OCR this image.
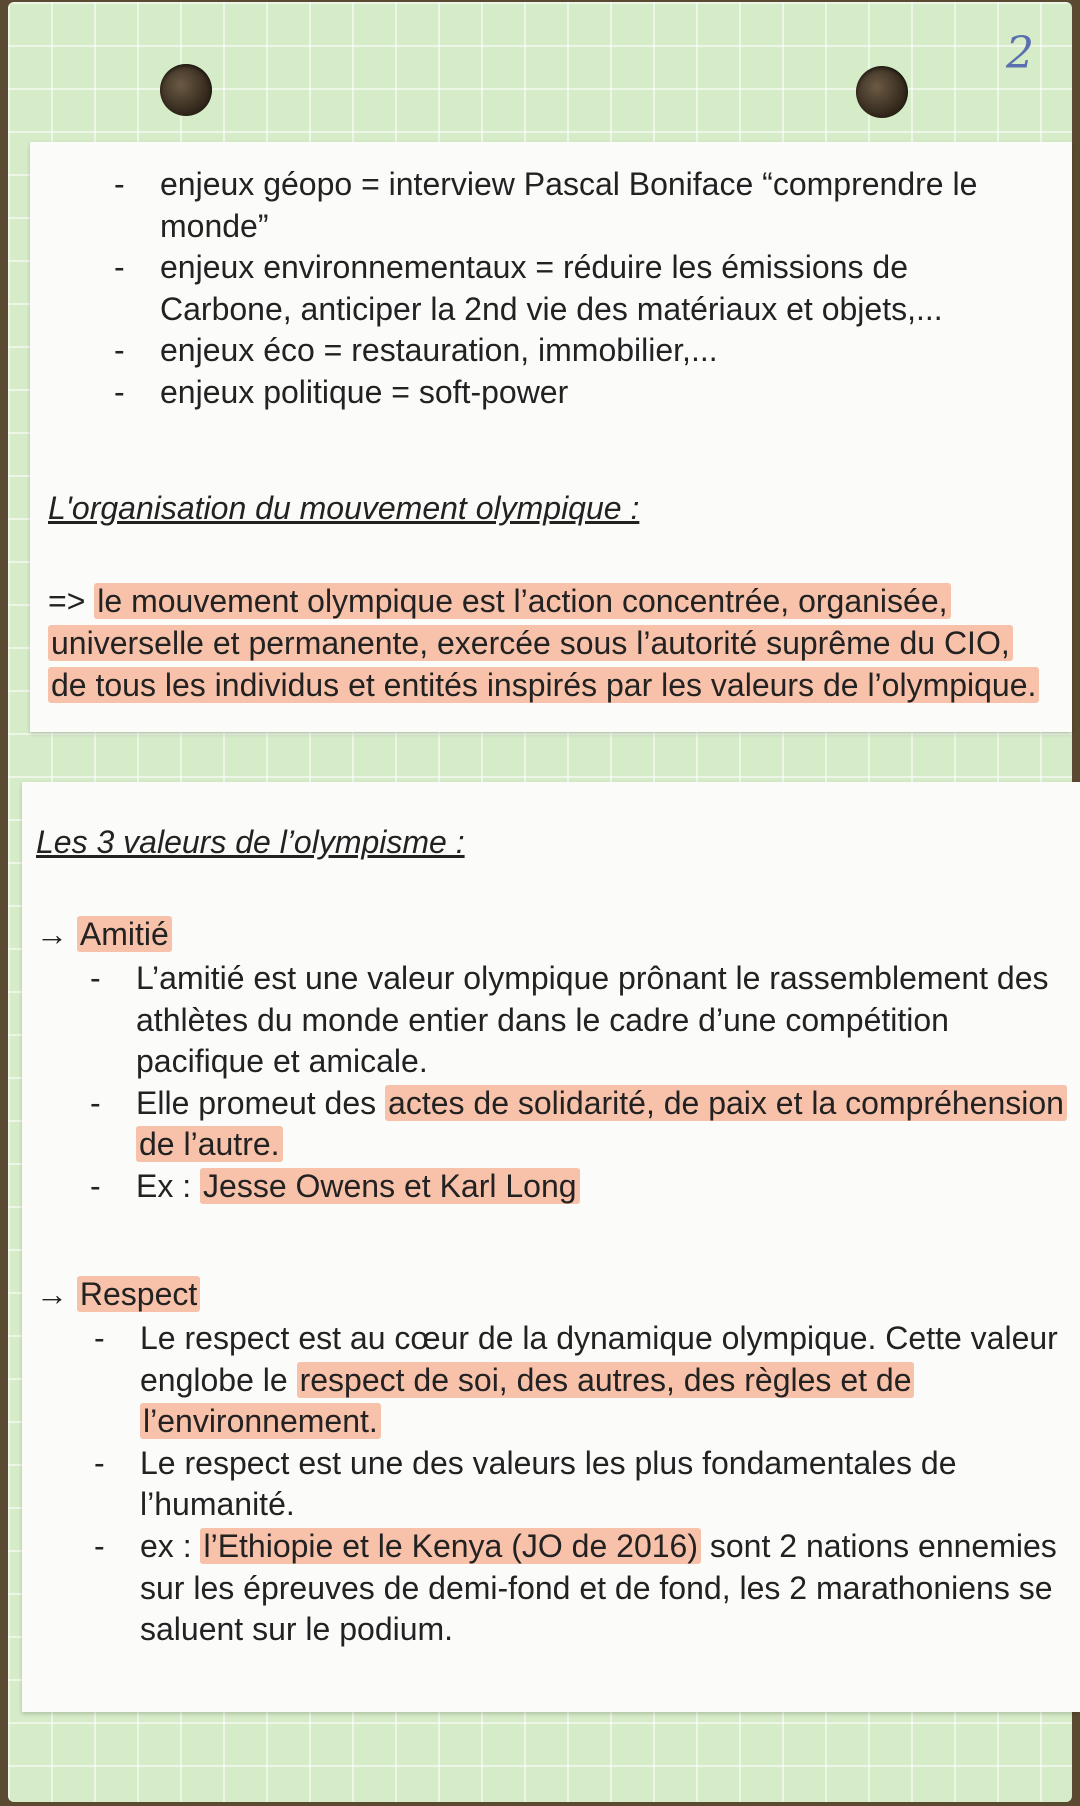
2
- enjeux géopo = interview Pascal Boniface “comprendre le monde”
- enjeux environnementaux = réduire les émissions de Carbone, anticiper la 2nd vie des matériaux et objets,...
- enjeux éco = restauration, immobilier,...
- enjeux politique = soft-power
L'organisation du mouvement olympique :
=> le mouvement olympique est l’action concentrée, organisée, universelle et permanente, exercée sous l’autorité suprême du CIO, de tous les individus et entités inspirés par les valeurs de l’olympique.
Les 3 valeurs de l’olympisme :
→ Amitié
- L’amitié est une valeur olympique prônant le rassemblement des athlètes du monde entier dans le cadre d’une compétition pacifique et amicale.
- Elle promeut des actes de solidarité, de paix et la compréhension de l’autre.
- Ex : Jesse Owens et Karl Long
→ Respect
- Le respect est au cœur de la dynamique olympique. Cette valeur englobe le respect de soi, des autres, des règles et de l’environnement.
- Le respect est une des valeurs les plus fondamentales de l’humanité.
- ex : l’Ethiopie et le Kenya (JO de 2016) sont 2 nations ennemies sur les épreuves de demi-fond et de fond, les 2 marathoniens se saluent sur le podium.
